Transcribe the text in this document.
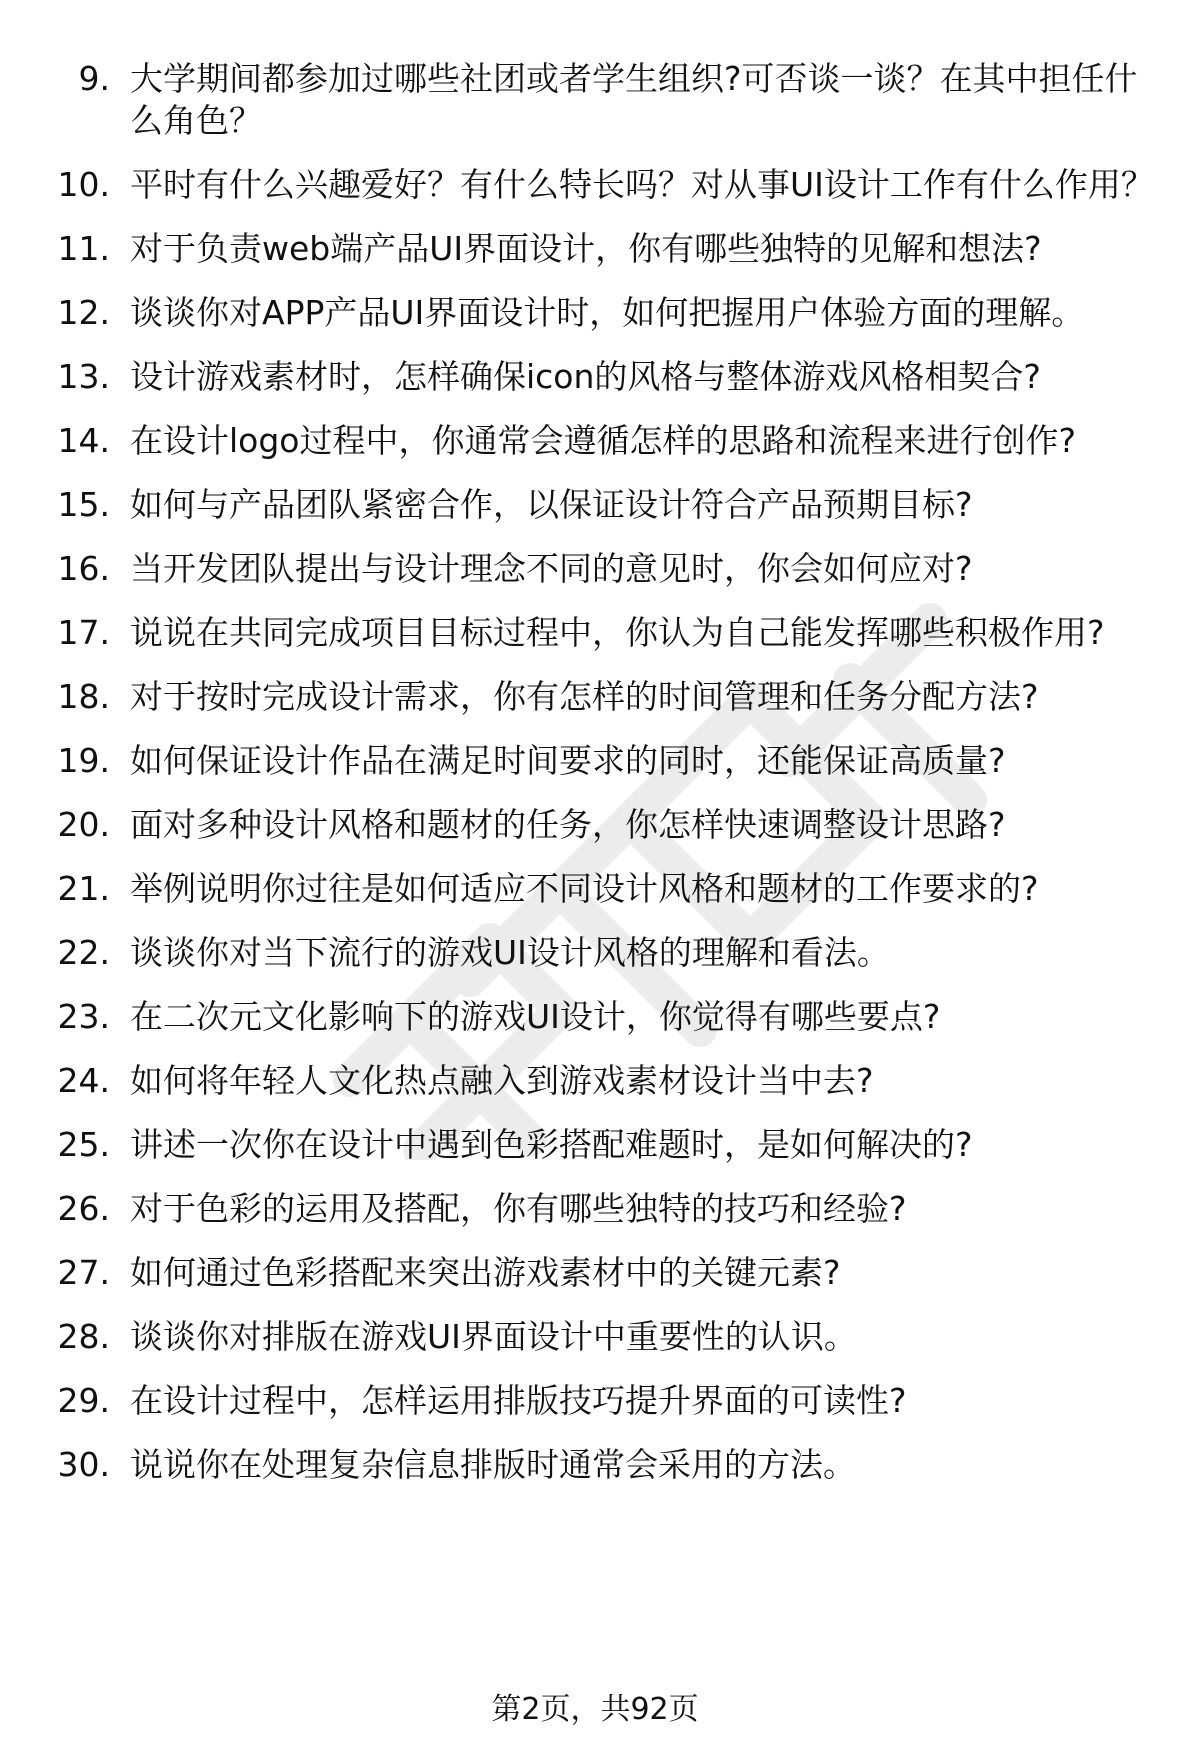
9. 大学期间都参加过哪些社团或者学生组织?可否谈一谈？在其中担任什么角色？
10. 平时有什么兴趣爱好？有什么特长吗？对从事UI设计工作有什么作用？
11. 对于负责web端产品UI界面设计，你有哪些独特的见解和想法?
12. 谈谈你对APP产品UI界面设计时，如何把握用户体验方面的理解。
13. 设计游戏素材时，怎样确保icon的风格与整体游戏风格相契合?
14. 在设计logo过程中，你通常会遵循怎样的思路和流程来进行创作?
15. 如何与产品团队紧密合作，以保证设计符合产品预期目标?
16. 当开发团队提出与设计理念不同的意见时，你会如何应对?
17. 说说在共同完成项目目标过程中，你认为自己能发挥哪些积极作用?
18. 对于按时完成设计需求，你有怎样的时间管理和任务分配方法?
19. 如何保证设计作品在满足时间要求的同时，还能保证高质量?
20. 面对多种设计风格和题材的任务，你怎样快速调整设计思路?
21. 举例说明你过往是如何适应不同设计风格和题材的工作要求的?
22. 谈谈你对当下流行的游戏UI设计风格的理解和看法。
23. 在二次元文化影响下的游戏UI设计，你觉得有哪些要点?
24. 如何将年轻人文化热点融入到游戏素材设计当中去?
25. 讲述一次你在设计中遇到色彩搭配难题时，是如何解决的?
26. 对于色彩的运用及搭配，你有哪些独特的技巧和经验?
27. 如何通过色彩搭配来突出游戏素材中的关键元素?
28. 谈谈你对排版在游戏UI界面设计中重要性的认识。
29. 在设计过程中，怎样运用排版技巧提升界面的可读性?
30. 说说你在处理复杂信息排版时通常会采用的方法。
第2页，共92页
